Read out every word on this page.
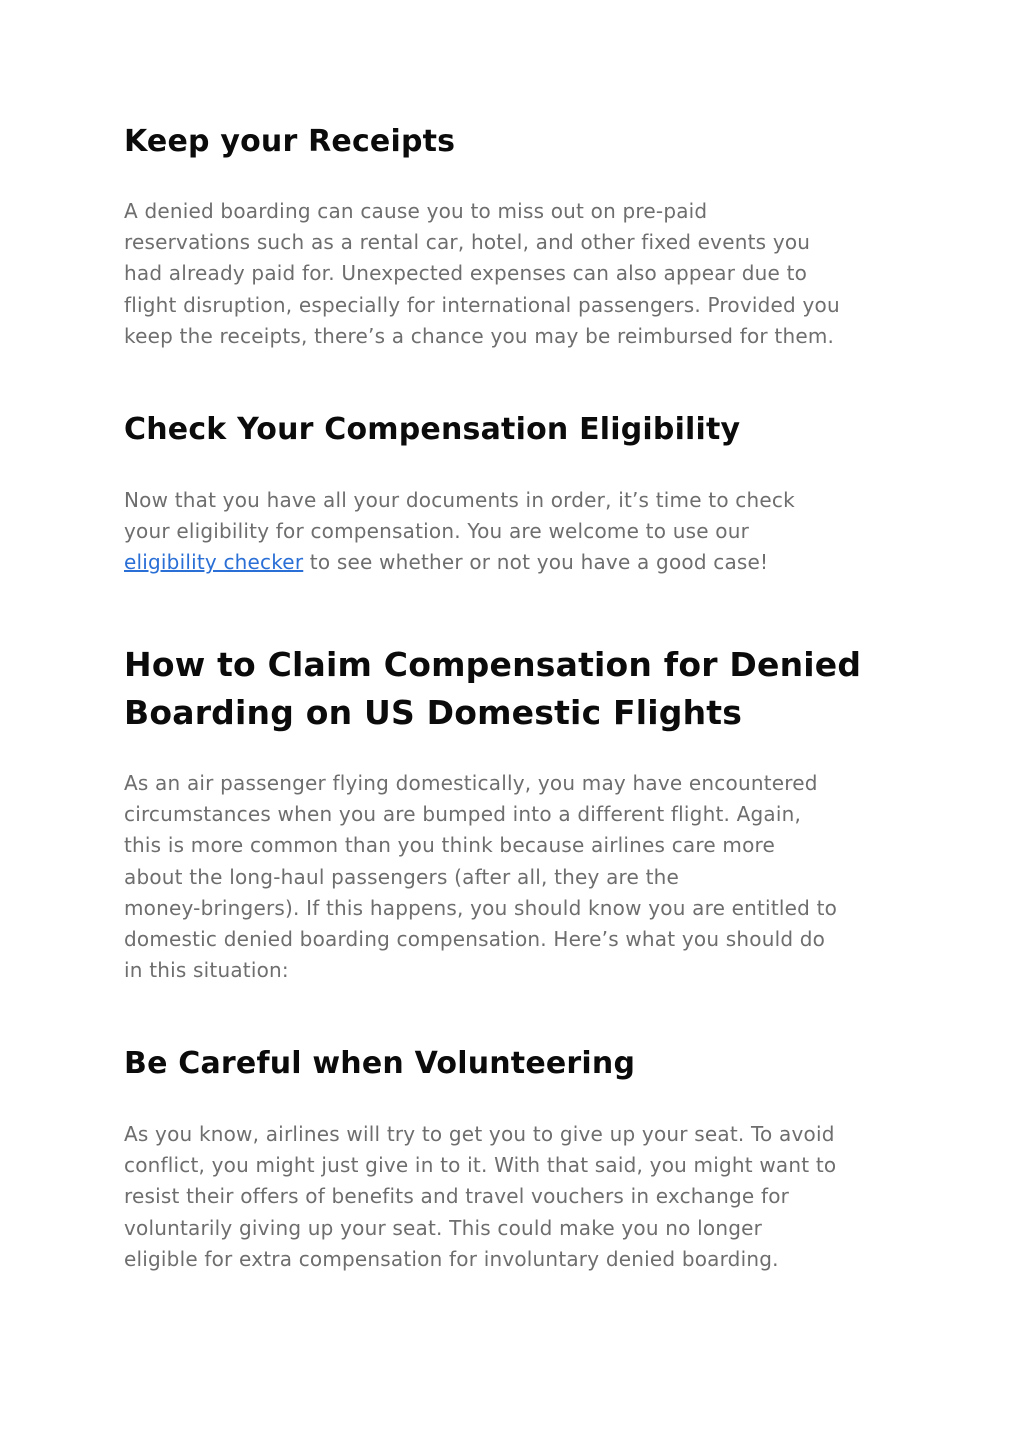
Keep your Receipts

A denied boarding can cause you to miss out on pre-paid
reservations such as a rental car, hotel, and other fixed events you
had already paid for. Unexpected expenses can also appear due to
flight disruption, especially for international passengers. Provided you
keep the receipts, there’s a chance you may be reimbursed for them.

Check Your Compensation Eligibility

Now that you have all your documents in order, it’s time to check
your eligibility for compensation. You are welcome to use our
eligibility checker to see whether or not you have a good case!

How to Claim Compensation for Denied
Boarding on US Domestic Flights

As an air passenger flying domestically, you may have encountered
circumstances when you are bumped into a different flight. Again,
this is more common than you think because airlines care more
about the long-haul passengers (after all, they are the
money-bringers). If this happens, you should know you are entitled to
domestic denied boarding compensation. Here’s what you should do
in this situation:

Be Careful when Volunteering

As you know, airlines will try to get you to give up your seat. To avoid
conflict, you might just give in to it. With that said, you might want to
resist their offers of benefits and travel vouchers in exchange for
voluntarily giving up your seat. This could make you no longer
eligible for extra compensation for involuntary denied boarding.
